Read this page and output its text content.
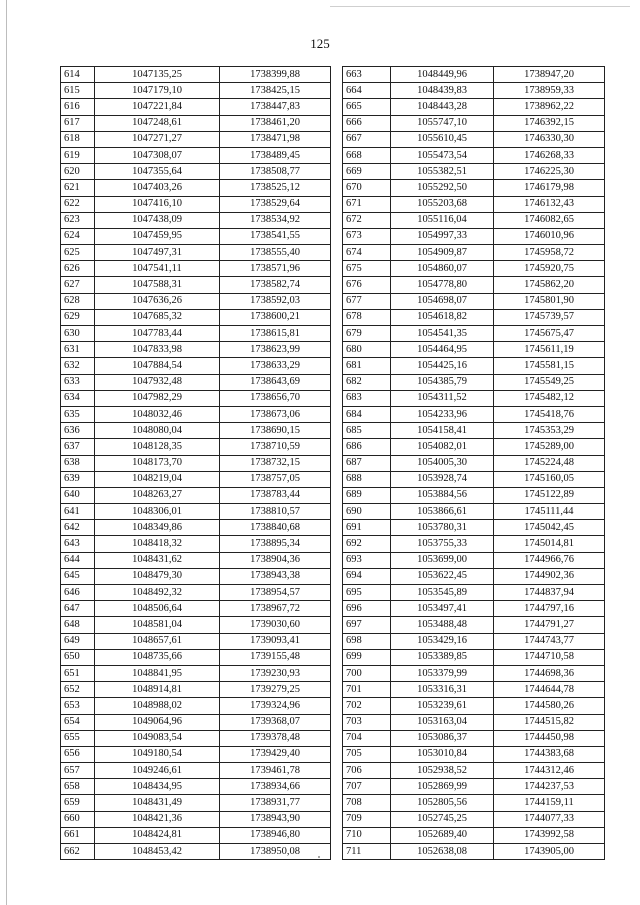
125
614	1047135,25	1738399,88
615	1047179,10	1738425,15
616	1047221,84	1738447,83
617	1047248,61	1738461,20
618	1047271,27	1738471,98
619	1047308,07	1738489,45
620	1047355,64	1738508,77
621	1047403,26	1738525,12
622	1047416,10	1738529,64
623	1047438,09	1738534,92
624	1047459,95	1738541,55
625	1047497,31	1738555,40
626	1047541,11	1738571,96
627	1047588,31	1738582,74
628	1047636,26	1738592,03
629	1047685,32	1738600,21
630	1047783,44	1738615,81
631	1047833,98	1738623,99
632	1047884,54	1738633,29
633	1047932,48	1738643,69
634	1047982,29	1738656,70
635	1048032,46	1738673,06
636	1048080,04	1738690,15
637	1048128,35	1738710,59
638	1048173,70	1738732,15
639	1048219,04	1738757,05
640	1048263,27	1738783,44
641	1048306,01	1738810,57
642	1048349,86	1738840,68
643	1048418,32	1738895,34
644	1048431,62	1738904,36
645	1048479,30	1738943,38
646	1048492,32	1738954,57
647	1048506,64	1738967,72
648	1048581,04	1739030,60
649	1048657,61	1739093,41
650	1048735,66	1739155,48
651	1048841,95	1739230,93
652	1048914,81	1739279,25
653	1048988,02	1739324,96
654	1049064,96	1739368,07
655	1049083,54	1739378,48
656	1049180,54	1739429,40
657	1049246,61	1739461,78
658	1048434,95	1738934,66
659	1048431,49	1738931,77
660	1048421,36	1738943,90
661	1048424,81	1738946,80
662	1048453,42	1738950,08
663	1048449,96	1738947,20
664	1048439,83	1738959,33
665	1048443,28	1738962,22
666	1055747,10	1746392,15
667	1055610,45	1746330,30
668	1055473,54	1746268,33
669	1055382,51	1746225,30
670	1055292,50	1746179,98
671	1055203,68	1746132,43
672	1055116,04	1746082,65
673	1054997,33	1746010,96
674	1054909,87	1745958,72
675	1054860,07	1745920,75
676	1054778,80	1745862,20
677	1054698,07	1745801,90
678	1054618,82	1745739,57
679	1054541,35	1745675,47
680	1054464,95	1745611,19
681	1054425,16	1745581,15
682	1054385,79	1745549,25
683	1054311,52	1745482,12
684	1054233,96	1745418,76
685	1054158,41	1745353,29
686	1054082,01	1745289,00
687	1054005,30	1745224,48
688	1053928,74	1745160,05
689	1053884,56	1745122,89
690	1053866,61	1745111,44
691	1053780,31	1745042,45
692	1053755,33	1745014,81
693	1053699,00	1744966,76
694	1053622,45	1744902,36
695	1053545,89	1744837,94
696	1053497,41	1744797,16
697	1053488,48	1744791,27
698	1053429,16	1744743,77
699	1053389,85	1744710,58
700	1053379,99	1744698,36
701	1053316,31	1744644,78
702	1053239,61	1744580,26
703	1053163,04	1744515,82
704	1053086,37	1744450,98
705	1053010,84	1744383,68
706	1052938,52	1744312,46
707	1052869,99	1744237,53
708	1052805,56	1744159,11
709	1052745,25	1744077,33
710	1052689,40	1743992,58
711	1052638,08	1743905,00
